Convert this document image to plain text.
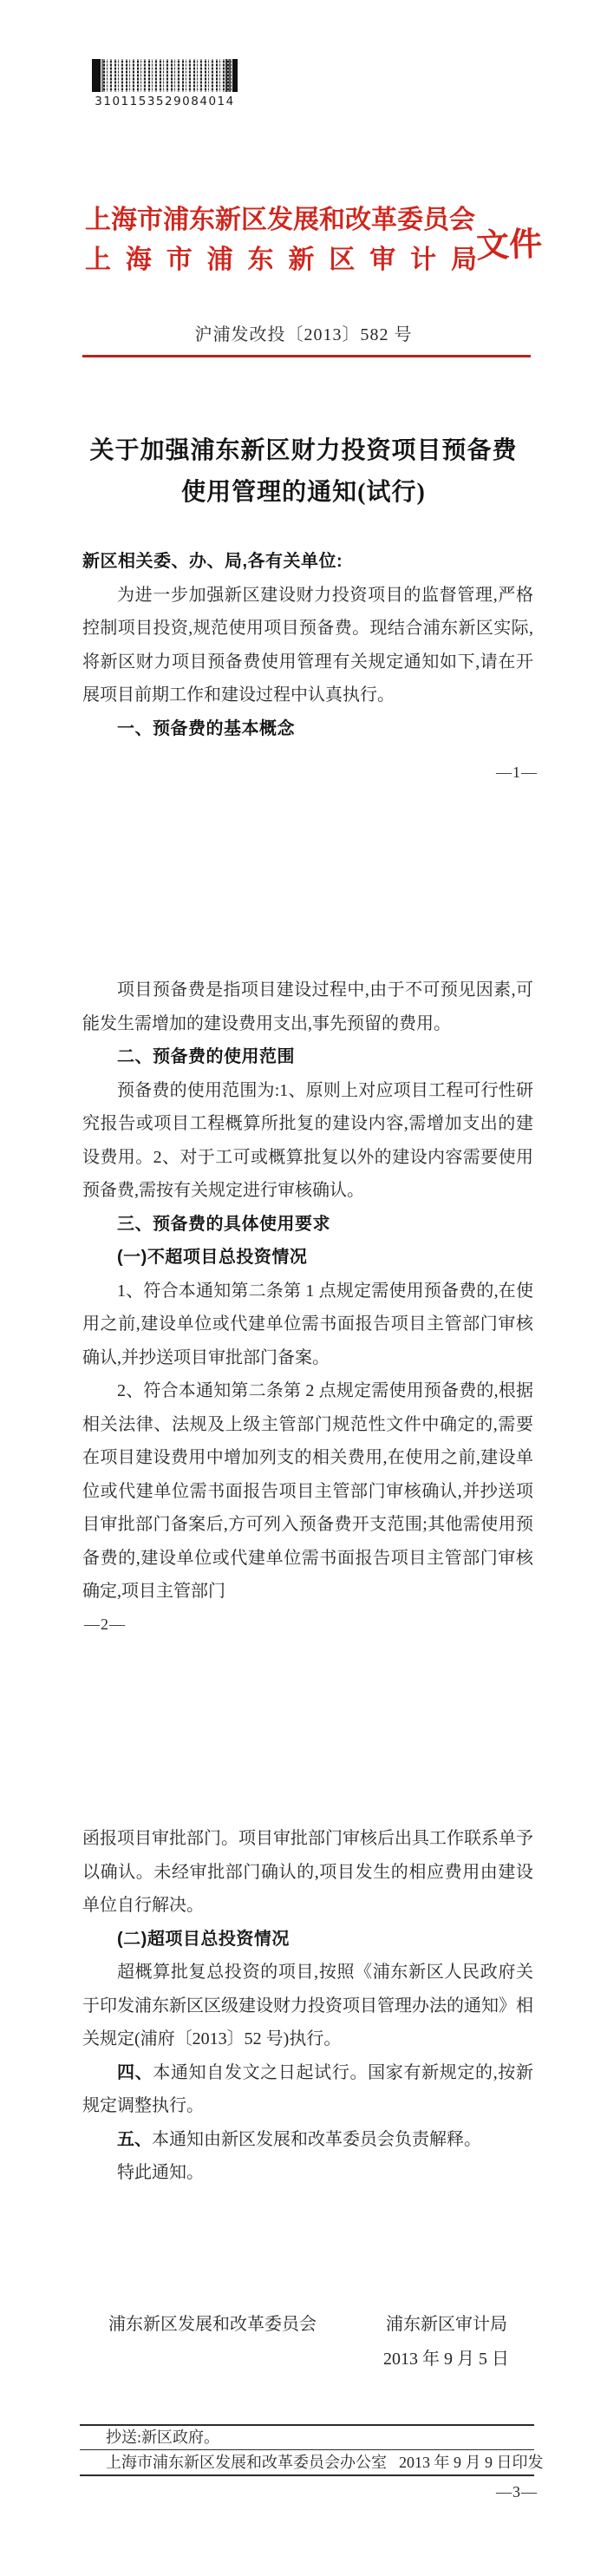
3101153529084014
上海市浦东新区发展和改革委员会
上海市浦东新区审计局
文件
沪浦发改投〔2013〕582 号
关于加强浦东新区财力投资项目预备费
使用管理的通知(试行)

新区相关委、办、局,各有关单位:

为进一步加强新区建设财力投资项目的监督管理,严格控制项目投资,规范使用项目预备费。现结合浦东新区实际,将新区财力项目预备费使用管理有关规定通知如下,请在开展项目前期工作和建设过程中认真执行。

一、预备费的基本概念

—1—

项目预备费是指项目建设过程中,由于不可预见因素,可能发生需增加的建设费用支出,事先预留的费用。

二、预备费的使用范围

预备费的使用范围为:1、原则上对应项目工程可行性研究报告或项目工程概算所批复的建设内容,需增加支出的建设费用。2、对于工可或概算批复以外的建设内容需要使用预备费,需按有关规定进行审核确认。

三、预备费的具体使用要求

(一)不超项目总投资情况

1、符合本通知第二条第 1 点规定需使用预备费的,在使用之前,建设单位或代建单位需书面报告项目主管部门审核确认,并抄送项目审批部门备案。

2、符合本通知第二条第 2 点规定需使用预备费的,根据相关法律、法规及上级主管部门规范性文件中确定的,需要在项目建设费用中增加列支的相关费用,在使用之前,建设单位或代建单位需书面报告项目主管部门审核确认,并抄送项目审批部门备案后,方可列入预备费开支范围;其他需使用预备费的,建设单位或代建单位需书面报告项目主管部门审核确定,项目主管部门

—2—

函报项目审批部门。项目审批部门审核后出具工作联系单予以确认。未经审批部门确认的,项目发生的相应费用由建设单位自行解决。

(二)超项目总投资情况

超概算批复总投资的项目,按照《浦东新区人民政府关于印发浦东新区区级建设财力投资项目管理办法的通知》相关规定(浦府〔2013〕52 号)执行。

四、本通知自发文之日起试行。国家有新规定的,按新规定调整执行。

五、本通知由新区发展和改革委员会负责解释。

特此通知。

浦东新区发展和改革委员会	浦东新区审计局
2013 年 9 月 5 日
抄送:新区政府。
上海市浦东新区发展和改革委员会办公室 2013 年 9 月 9 日印发
—3—
